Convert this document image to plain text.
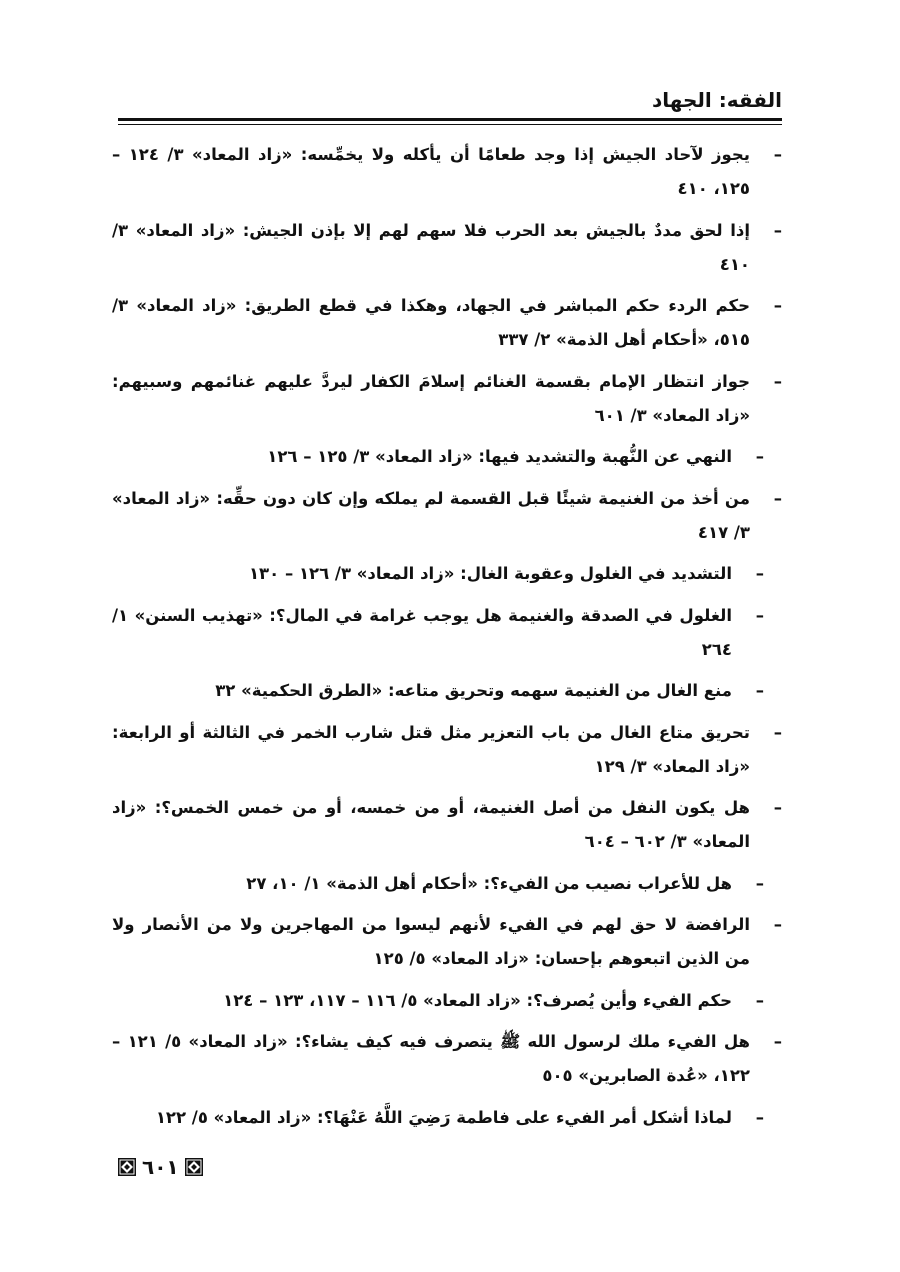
الفقه: الجهاد
–
يجوز لآحاد الجيش إذا وجد طعامًا أن يأكله ولا يخمِّسه: «زاد المعاد» ٣/ ١٢٤ – ١٢٥، ٤١٠
–
إذا لحق مددٌ بالجيش بعد الحرب فلا سهم لهم إلا بإذن الجيش: «زاد المعاد» ٣/ ٤١٠
–
حكم الردء حكم المباشر في الجهاد، وهكذا في قطع الطريق: «زاد المعاد» ٣/ ٥١٥، «أحكام أهل الذمة» ٢/ ٣٣٧
–
جواز انتظار الإمام بقسمة الغنائم إسلامَ الكفار ليردَّ عليهم غنائمهم وسبيهم: «زاد المعاد» ٣/ ٦٠١
–
النهي عن النُّهبة والتشديد فيها: «زاد المعاد» ٣/ ١٢٥ – ١٢٦
–
من أخذ من الغنيمة شيئًا قبل القسمة لم يملكه وإن كان دون حقِّه: «زاد المعاد» ٣/ ٤١٧
–
التشديد في الغلول وعقوبة الغال: «زاد المعاد» ٣/ ١٢٦ – ١٣٠
–
الغلول في الصدقة والغنيمة هل يوجب غرامة في المال؟: «تهذيب السنن» ١/ ٢٦٤
–
منع الغال من الغنيمة سهمه وتحريق متاعه: «الطرق الحكمية» ٣٢
–
تحريق متاع الغال من باب التعزير مثل قتل شارب الخمر في الثالثة أو الرابعة: «زاد المعاد» ٣/ ١٢٩
–
هل يكون النفل من أصل الغنيمة، أو من خمسه، أو من خمس الخمس؟: «زاد المعاد» ٣/ ٦٠٢ – ٦٠٤
–
هل للأعراب نصيب من الفيء؟: «أحكام أهل الذمة» ١/ ١٠، ٢٧
–
الرافضة لا حق لهم في الفيء لأنهم ليسوا من المهاجرين ولا من الأنصار ولا من الذين اتبعوهم بإحسان: «زاد المعاد» ٥/ ١٢٥
–
حكم الفيء وأين يُصرف؟: «زاد المعاد» ٥/ ١١٦ – ١١٧، ١٢٣ – ١٢٤
–
هل الفيء ملك لرسول الله ﷺ يتصرف فيه كيف يشاء؟: «زاد المعاد» ٥/ ١٢١ – ١٢٢، «عُدة الصابرين» ٥٠٥
–
لماذا أشكل أمر الفيء على فاطمة رَضِيَ اللَّهُ عَنْهَا؟: «زاد المعاد» ٥/ ١٢٢
٦٠١
